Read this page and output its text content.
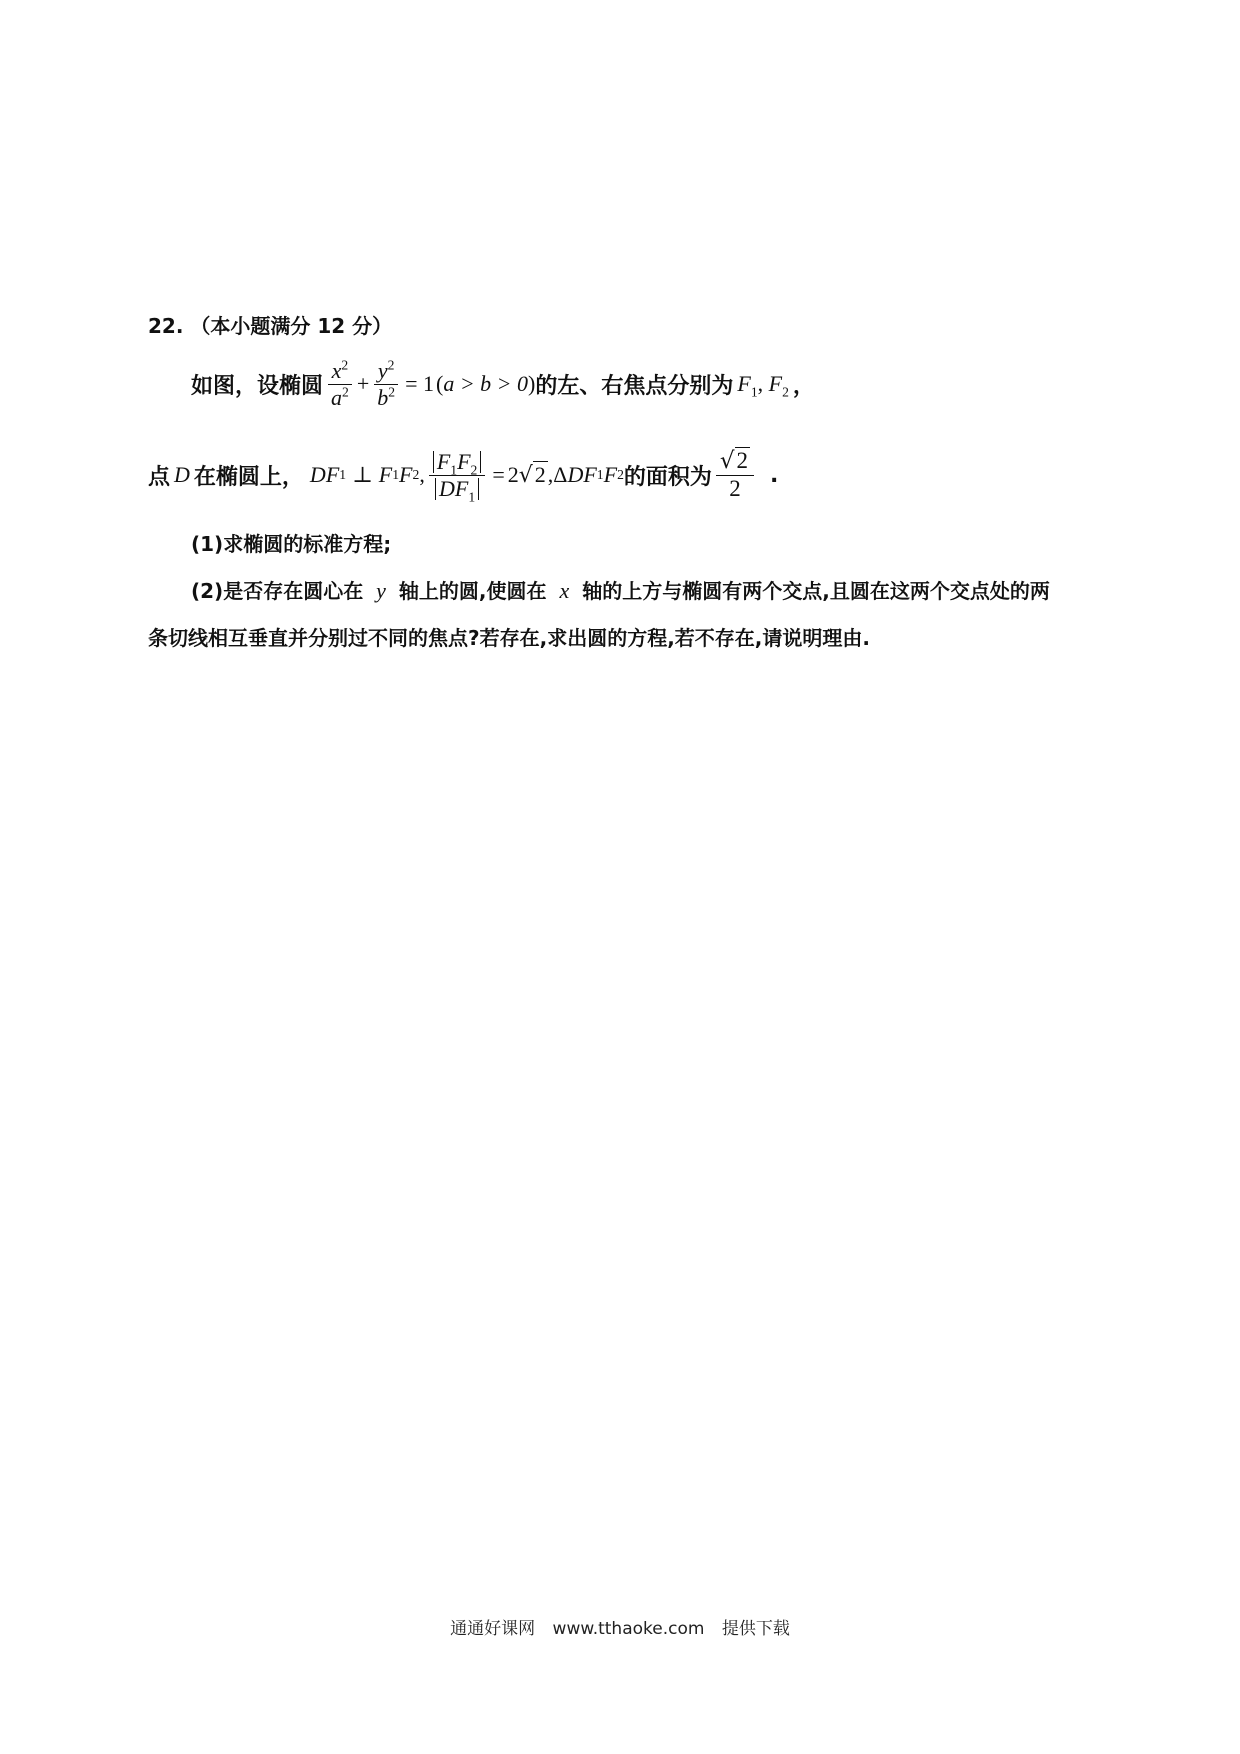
22. （本小题满分 12 分）
如图，设椭圆 $\frac{x^2}{a^2} + \frac{y^2}{b^2} = 1$ ( a > b > 0 ) 的左、右焦点分别为 $F_1$, $F_2$ ，
点 D 在椭圆上， D F 1 ⊥ F 1 F 2 , $\frac{F_1F_2}{DF_1} = 2$ √2 , Δ D F 1 F 2 的面积为 $\frac{√2}{2}$ .
(1)求椭圆的标准方程;
(2)是否存在圆心在 y 轴上的圆,使圆在 x 轴的上方与椭圆有两个交点,且圆在这两个交点处的两
条切线相互垂直并分别过不同的焦点?若存在,求出圆的方程,若不存在,请说明理由.
通通好课网 www.tthaoke.com 提供下载
